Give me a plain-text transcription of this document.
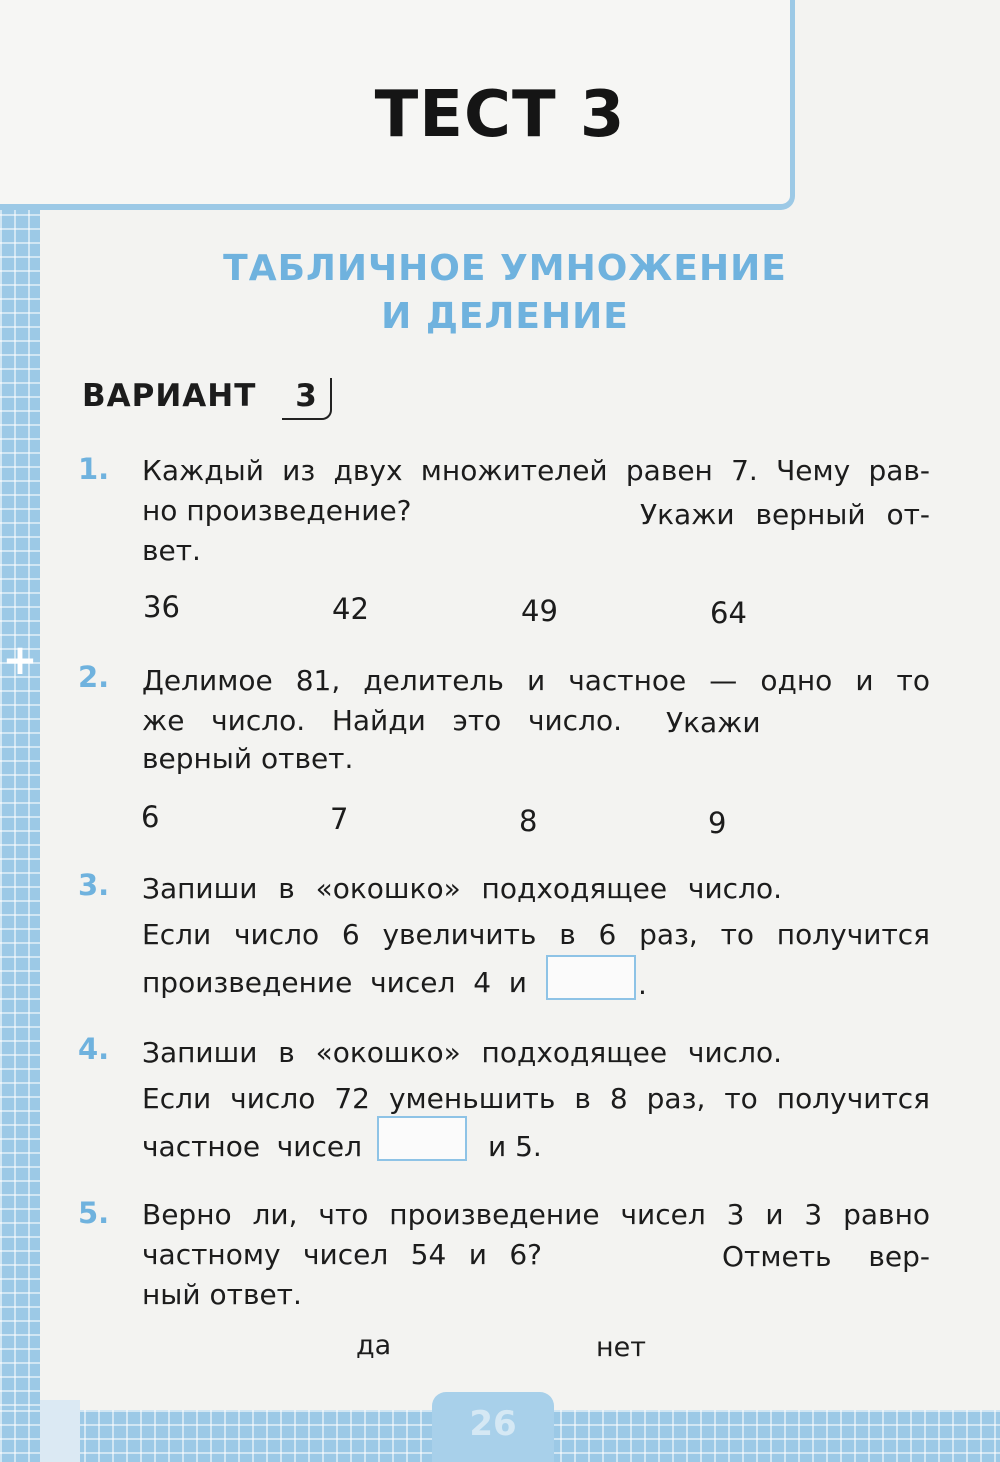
+
ТЕСТ 3
ТАБЛИЧНОЕ УМНОЖЕНИЕ
И ДЕЛЕНИЕ
ВАРИАНТ	3
1. Каждый из двух множителей равен 7. Чему рав-
но произведение?	Укажи верный от-
вет.
36	42	49	64
2. Делимое 81, делитель и частное — одно и то
же число. Найди это число. Укажи
верный ответ.
6	7	8	9
3. Запиши в «окошко» подходящее число.
Если число 6 увеличить в 6 раз, то получится
произведение чисел 4 и	.
4. Запиши в «окошко» подходящее число.
Если число 72 уменьшить в 8 раз, то получится
частное чисел	и 5.
5. Верно ли, что произведение чисел 3 и 3 равно
частному чисел 54 и 6?	Отметь вер-
ный ответ.
да	нет
26
